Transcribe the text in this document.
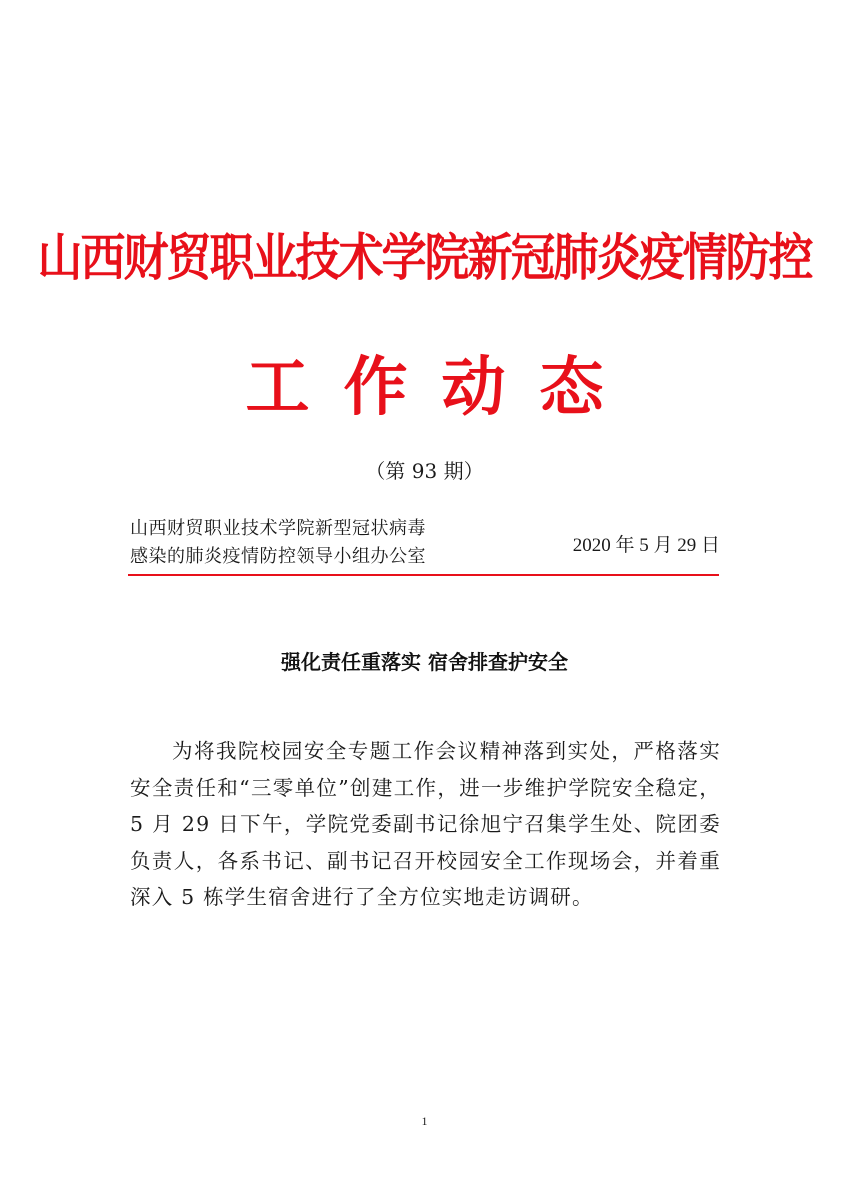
山西财贸职业技术学院新冠肺炎疫情防控
工作动态
（第 93 期）
山西财贸职业技术学院新型冠状病毒
感染的肺炎疫情防控领导小组办公室
2020 年 5 月 29 日
强化责任重落实 宿舍排查护安全

为将我院校园安全专题工作会议精神落到实处，严格落实安全责任和“三零单位”创建工作，进一步维护学院安全稳定，5 月 29 日下午，学院党委副书记徐旭宁召集学生处、院团委负责人，各系书记、副书记召开校园安全工作现场会，并着重深入 5 栋学生宿舍进行了全方位实地走访调研。

1
